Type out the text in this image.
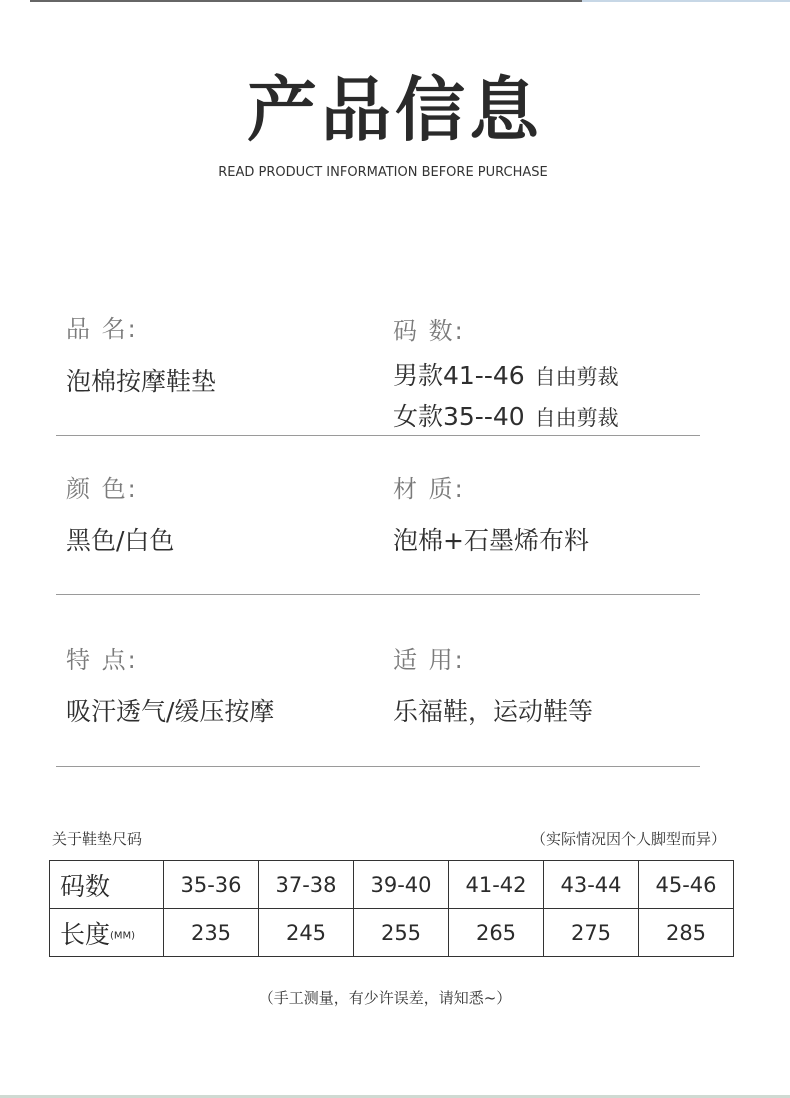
产品信息
READ PRODUCT INFORMATION BEFORE PURCHASE
品 名:
泡棉按摩鞋垫
码 数:
男款41--46 自由剪裁
女款35--40 自由剪裁
颜 色:
黑色/白色
材 质:
泡棉+石墨烯布料
特 点:
吸汗透气/缓压按摩
适 用:
乐福鞋，运动鞋等
关于鞋垫尺码	（实际情况因个人脚型而异）
码数	35-36	37-38	39-40	41-42	43-44	45-46
长度(MM)	235	245	255	265	275	285
（手工测量，有少许误差，请知悉~）
